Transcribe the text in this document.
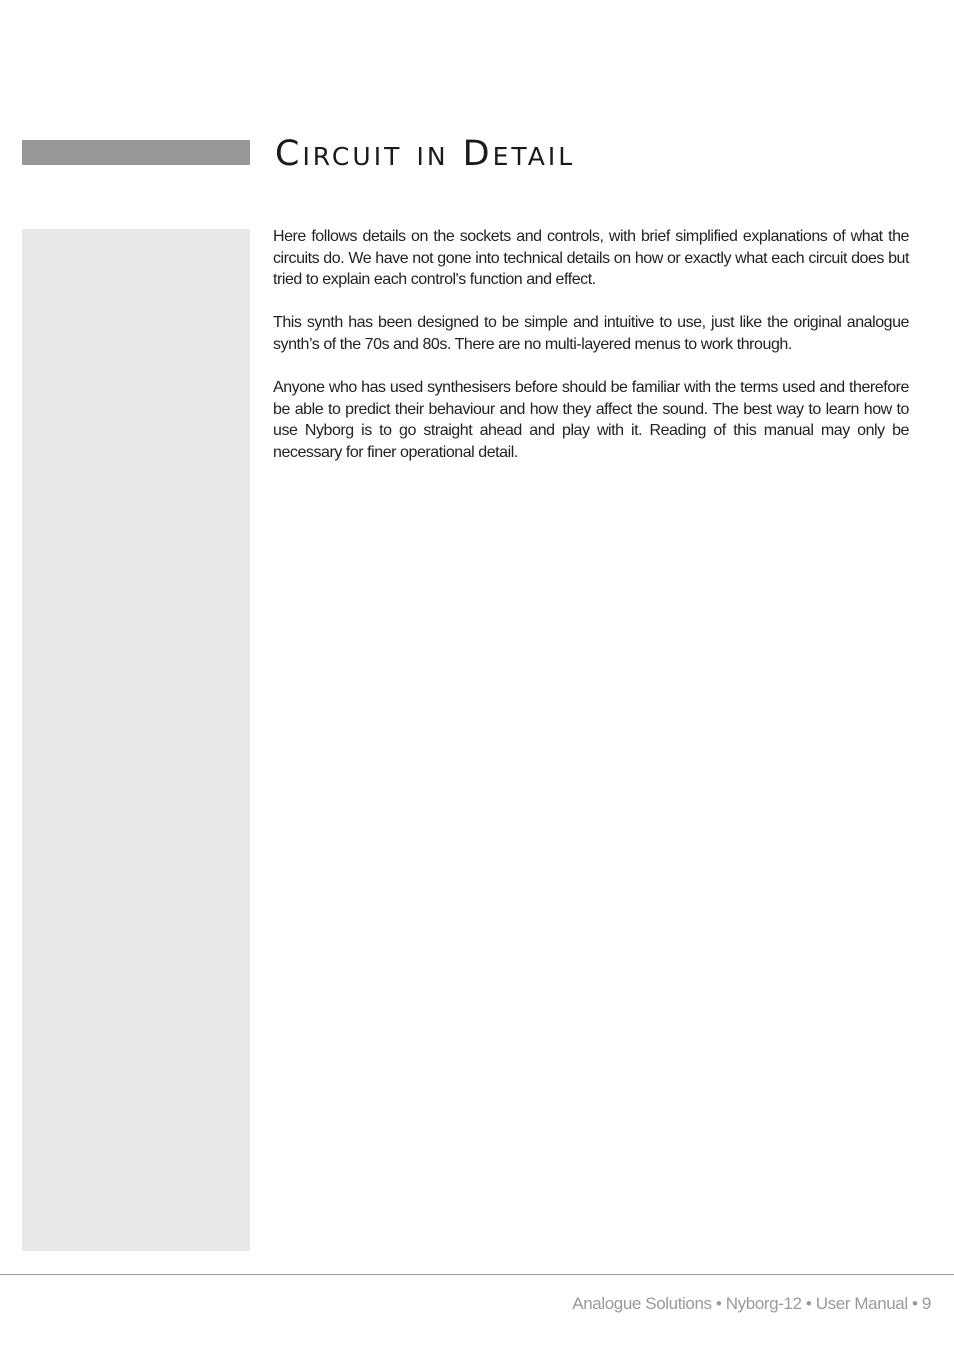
Circuit in Detail

Here follows details on the sockets and controls, with brief simplified explanations of what the circuits do. We have not gone into technical details on how or exactly what each circuit does but tried to explain each control's function and effect.

This synth has been designed to be simple and intuitive to use, just like the original analogue synth’s of the 70s and 80s. There are no multi-layered menus to work through.

Anyone who has used synthesisers before should be familiar with the terms used and therefore be able to predict their behaviour and how they affect the sound. The best way to learn how to use Nyborg is to go straight ahead and play with it. Reading of this manual may only be necessary for finer operational detail.

Analogue Solutions • Nyborg-12 • User Manual • 9
